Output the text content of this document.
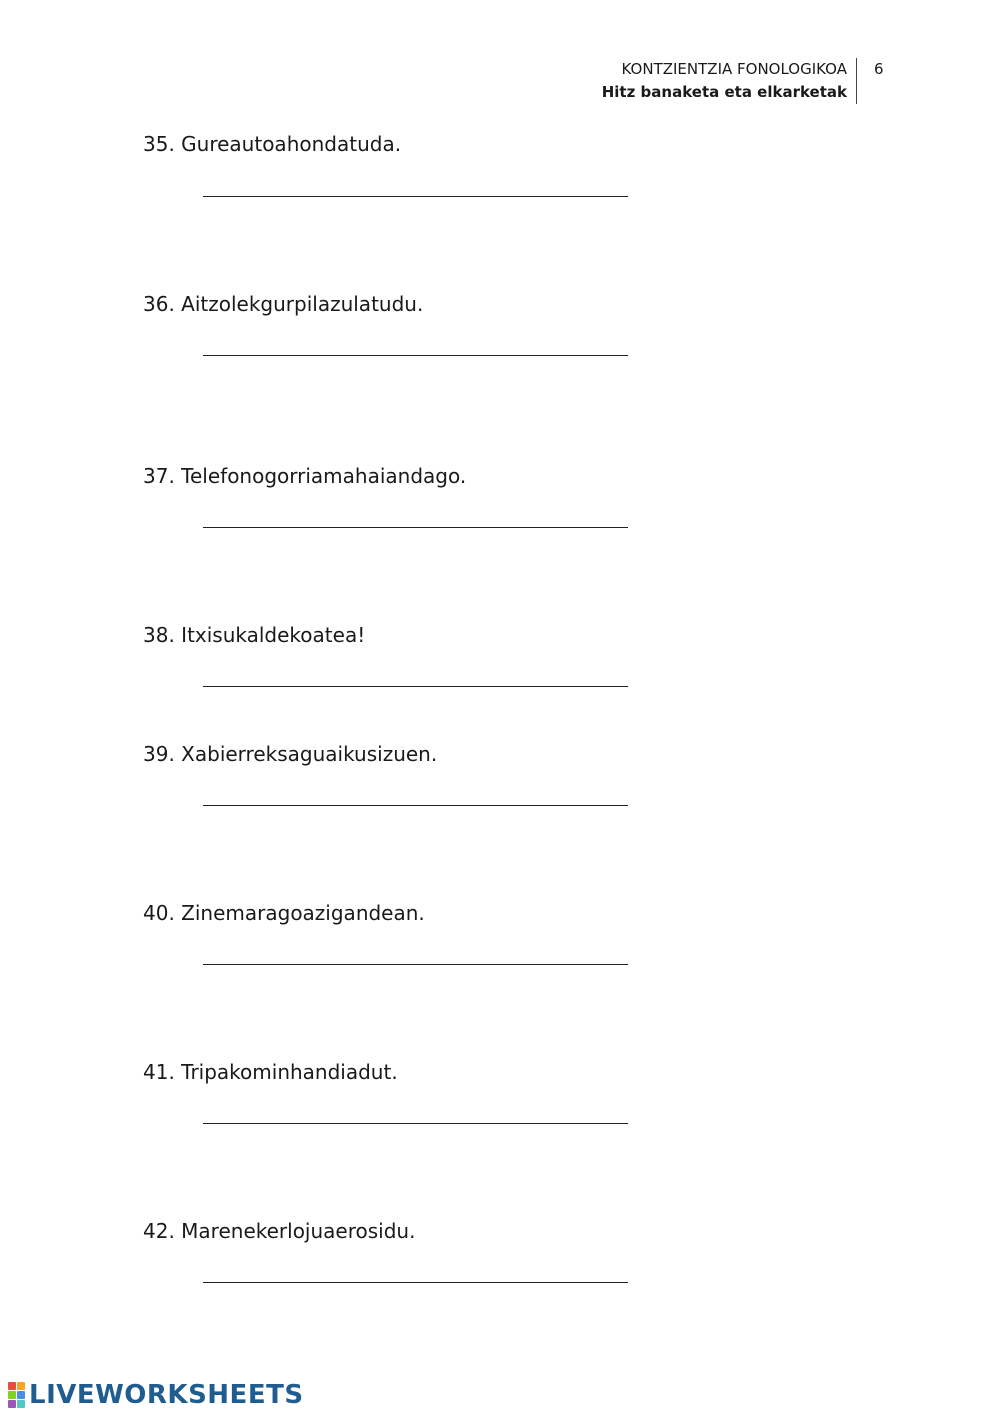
KONTZIENTZIA FONOLOGIKOA
Hitz banaketa eta elkarketak
6
35. Gureautoahondatuda.
36. Aitzolekgurpilazulatudu.
37. Telefonogorriamahaiandago.
38. Itxisukaldekoatea!
39. Xabierreksaguaikusizuen.
40. Zinemaragoazigandean.
41. Tripakominhandiadut.
42. Marenekerlojuaerosidu.
LIVEWORKSHEETS
